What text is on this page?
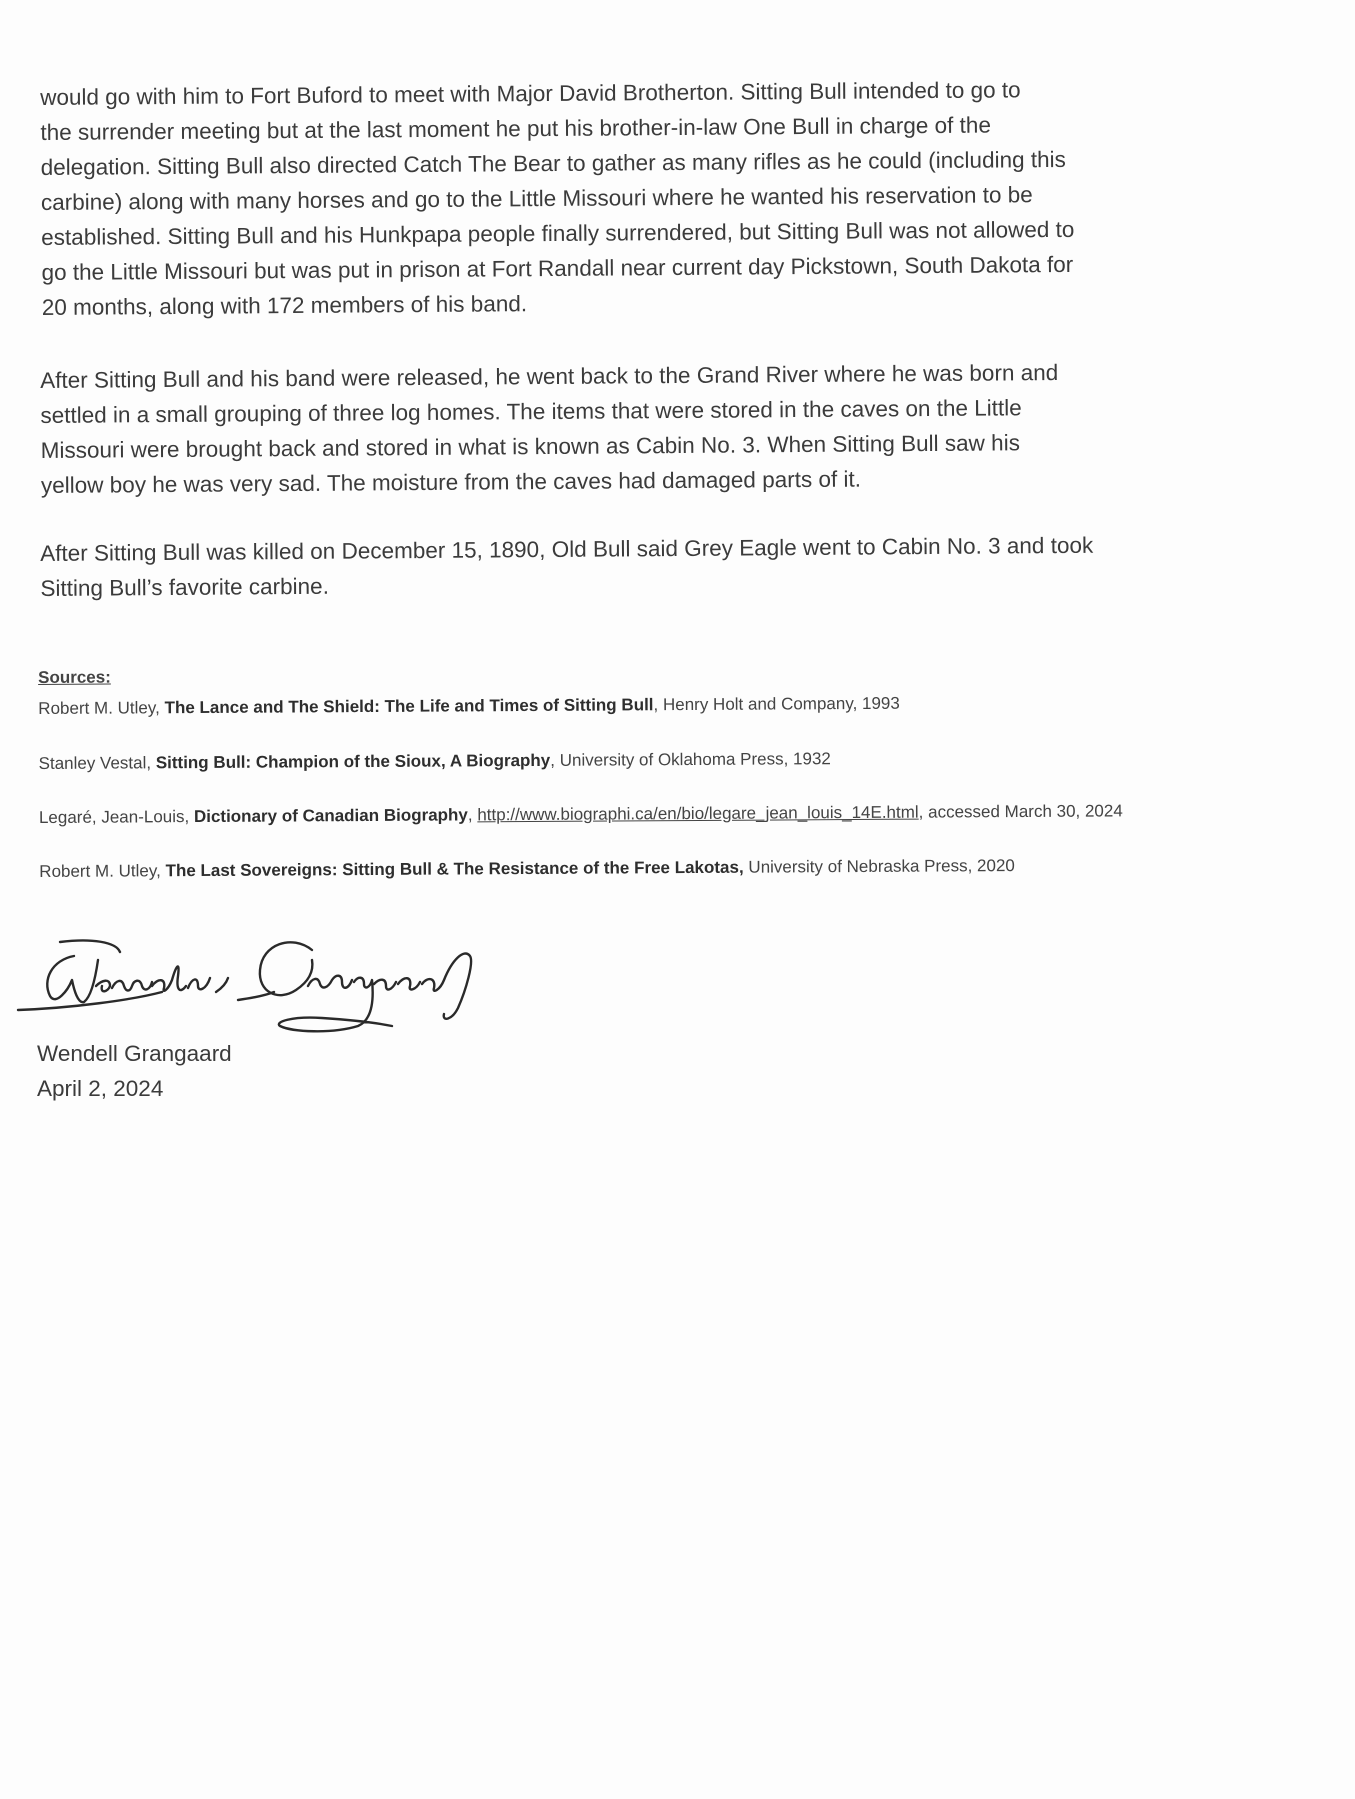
would go with him to Fort Buford to meet with Major David Brotherton. Sitting Bull intended to go to
the surrender meeting but at the last moment he put his brother-in-law One Bull in charge of the
delegation. Sitting Bull also directed Catch The Bear to gather as many rifles as he could (including this
carbine) along with many horses and go to the Little Missouri where he wanted his reservation to be
established. Sitting Bull and his Hunkpapa people finally surrendered, but Sitting Bull was not allowed to
go the Little Missouri but was put in prison at Fort Randall near current day Pickstown, South Dakota for
20 months, along with 172 members of his band.

After Sitting Bull and his band were released, he went back to the Grand River where he was born and
settled in a small grouping of three log homes. The items that were stored in the caves on the Little
Missouri were brought back and stored in what is known as Cabin No. 3. When Sitting Bull saw his
yellow boy he was very sad. The moisture from the caves had damaged parts of it.

After Sitting Bull was killed on December 15, 1890, Old Bull said Grey Eagle went to Cabin No. 3 and took
Sitting Bull’s favorite carbine.

Sources:

Robert M. Utley, The Lance and The Shield: The Life and Times of Sitting Bull, Henry Holt and Company, 1993

Stanley Vestal, Sitting Bull: Champion of the Sioux, A Biography, University of Oklahoma Press, 1932

Legaré, Jean-Louis, Dictionary of Canadian Biography, http://www.biographi.ca/en/bio/legare_jean_louis_14E.html, accessed March 30, 2024

Robert M. Utley, The Last Sovereigns: Sitting Bull & The Resistance of the Free Lakotas, University of Nebraska Press, 2020

Wendell Grangaard
April 2, 2024
